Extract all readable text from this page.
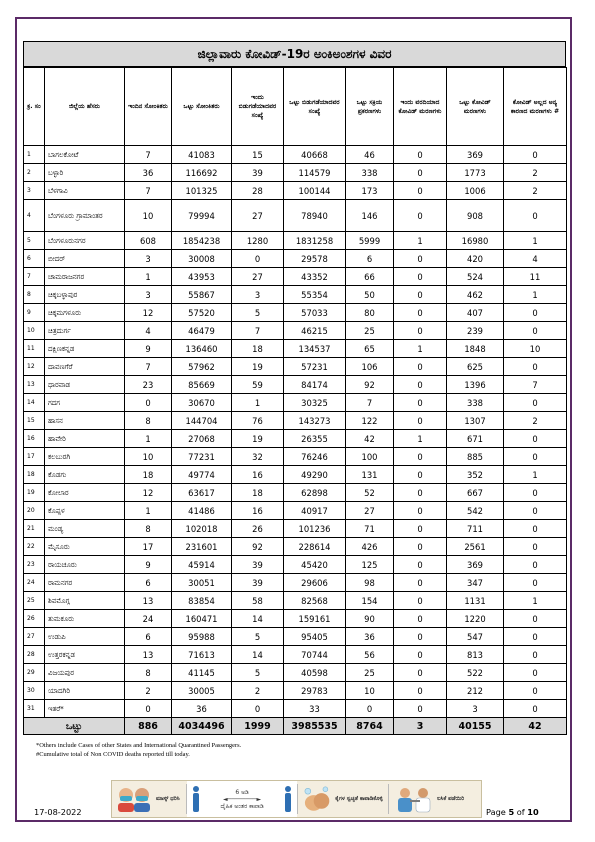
ಜಿಲ್ಲಾವಾರು ಕೋವಿಡ್-19ರ ಅಂಕಿಅಂಶಗಳ ವಿವರ
ಕ್ರ. ಸಂ	ಜಿಲ್ಲೆಯ ಹೆಸರು	ಇಂದಿನ ಸೋಂಕಿತರು	ಒಟ್ಟು ಸೋಂಕಿತರು	ಇಂದು ಬಿಡುಗಡೆಯಾದವರ ಸಂಖ್ಯೆ	ಒಟ್ಟು ಬಿಡುಗಡೆಯಾದವರ ಸಂಖ್ಯೆ	ಒಟ್ಟು ಸಕ್ರಿಯ ಪ್ರಕರಣಗಳು	ಇಂದು ವರದಿಯಾದ ಕೋವಿಡ್ ಮರಣಗಳು	ಒಟ್ಟು ಕೋವಿಡ್ ಮರಣಗಳು	ಕೋವಿಡ್ ಅಲ್ಲದ ಅನ್ಯ ಕಾರಣದ ಮರಣಗಳು #
1	ಬಾಗಲಕೋಟೆ	7	41083	15	40668	46	0	369	0
2	ಬಳ್ಳಾರಿ	36	116692	39	114579	338	0	1773	2
3	ಬೆಳಗಾವಿ	7	101325	28	100144	173	0	1006	2
4	ಬೆಂಗಳೂರು ಗ್ರಾಮಾಂತರ	10	79994	27	78940	146	0	908	0
5	ಬೆಂಗಳೂರುನಗರ	608	1854238	1280	1831258	5999	1	16980	1
6	ಬೀದರ್	3	30008	0	29578	6	0	420	4
7	ಚಾಮರಾಜನಗರ	1	43953	27	43352	66	0	524	11
8	ಚಿಕ್ಕಬಳ್ಳಾಪುರ	3	55867	3	55354	50	0	462	1
9	ಚಿಕ್ಕಮಗಳೂರು	12	57520	5	57033	80	0	407	0
10	ಚಿತ್ರದುರ್ಗ	4	46479	7	46215	25	0	239	0
11	ದಕ್ಷಿಣಕನ್ನಡ	9	136460	18	134537	65	1	1848	10
12	ದಾವಣಗೆರೆ	7	57962	19	57231	106	0	625	0
13	ಧಾರವಾಡ	23	85669	59	84174	92	0	1396	7
14	ಗದಗ	0	30670	1	30325	7	0	338	0
15	ಹಾಸನ	8	144704	76	143273	122	0	1307	2
16	ಹಾವೇರಿ	1	27068	19	26355	42	1	671	0
17	ಕಲಬುರಗಿ	10	77231	32	76246	100	0	885	0
18	ಕೊಡಗು	18	49774	16	49290	131	0	352	1
19	ಕೋಲಾರ	12	63617	18	62898	52	0	667	0
20	ಕೊಪ್ಪಳ	1	41486	16	40917	27	0	542	0
21	ಮಂಡ್ಯ	8	102018	26	101236	71	0	711	0
22	ಮೈಸೂರು	17	231601	92	228614	426	0	2561	0
23	ರಾಯಚೂರು	9	45914	39	45420	125	0	369	0
24	ರಾಮನಗರ	6	30051	39	29606	98	0	347	0
25	ಶಿವಮೊಗ್ಗ	13	83854	58	82568	154	0	1131	1
26	ತುಮಕೂರು	24	160471	14	159161	90	0	1220	0
27	ಉಡುಪಿ	6	95988	5	95405	36	0	547	0
28	ಉತ್ತರಕನ್ನಡ	13	71613	14	70744	56	0	813	0
29	ವಿಜಯಪುರ	8	41145	5	40598	25	0	522	0
30	ಯಾದಗಿರಿ	2	30005	2	29783	10	0	212	0
31	ಇತರೆ*	0	36	0	33	0	0	3	0
ಒಟ್ಟು		886	4034496	1999	3985535	8764	3	40155	42
*Others include Cases of other States and International Quarantined Passengers.
#Cumulative total of Non COVID deaths reported till today.
ಮಾಸ್ಕ್ ಧರಿಸಿ
6 ಅಡಿ
◄────────►
ದೈಹಿಕ ಅಂತರ ಕಾಪಾಡಿ
ಕೈಗಳ ಸ್ವಚ್ಛತೆ ಕಾಪಾಡಿಕೊಳ್ಳಿ	ಲಸಿಕೆ ಪಡೆಯಿರಿ
17-08-2022	Page 5 of 10
